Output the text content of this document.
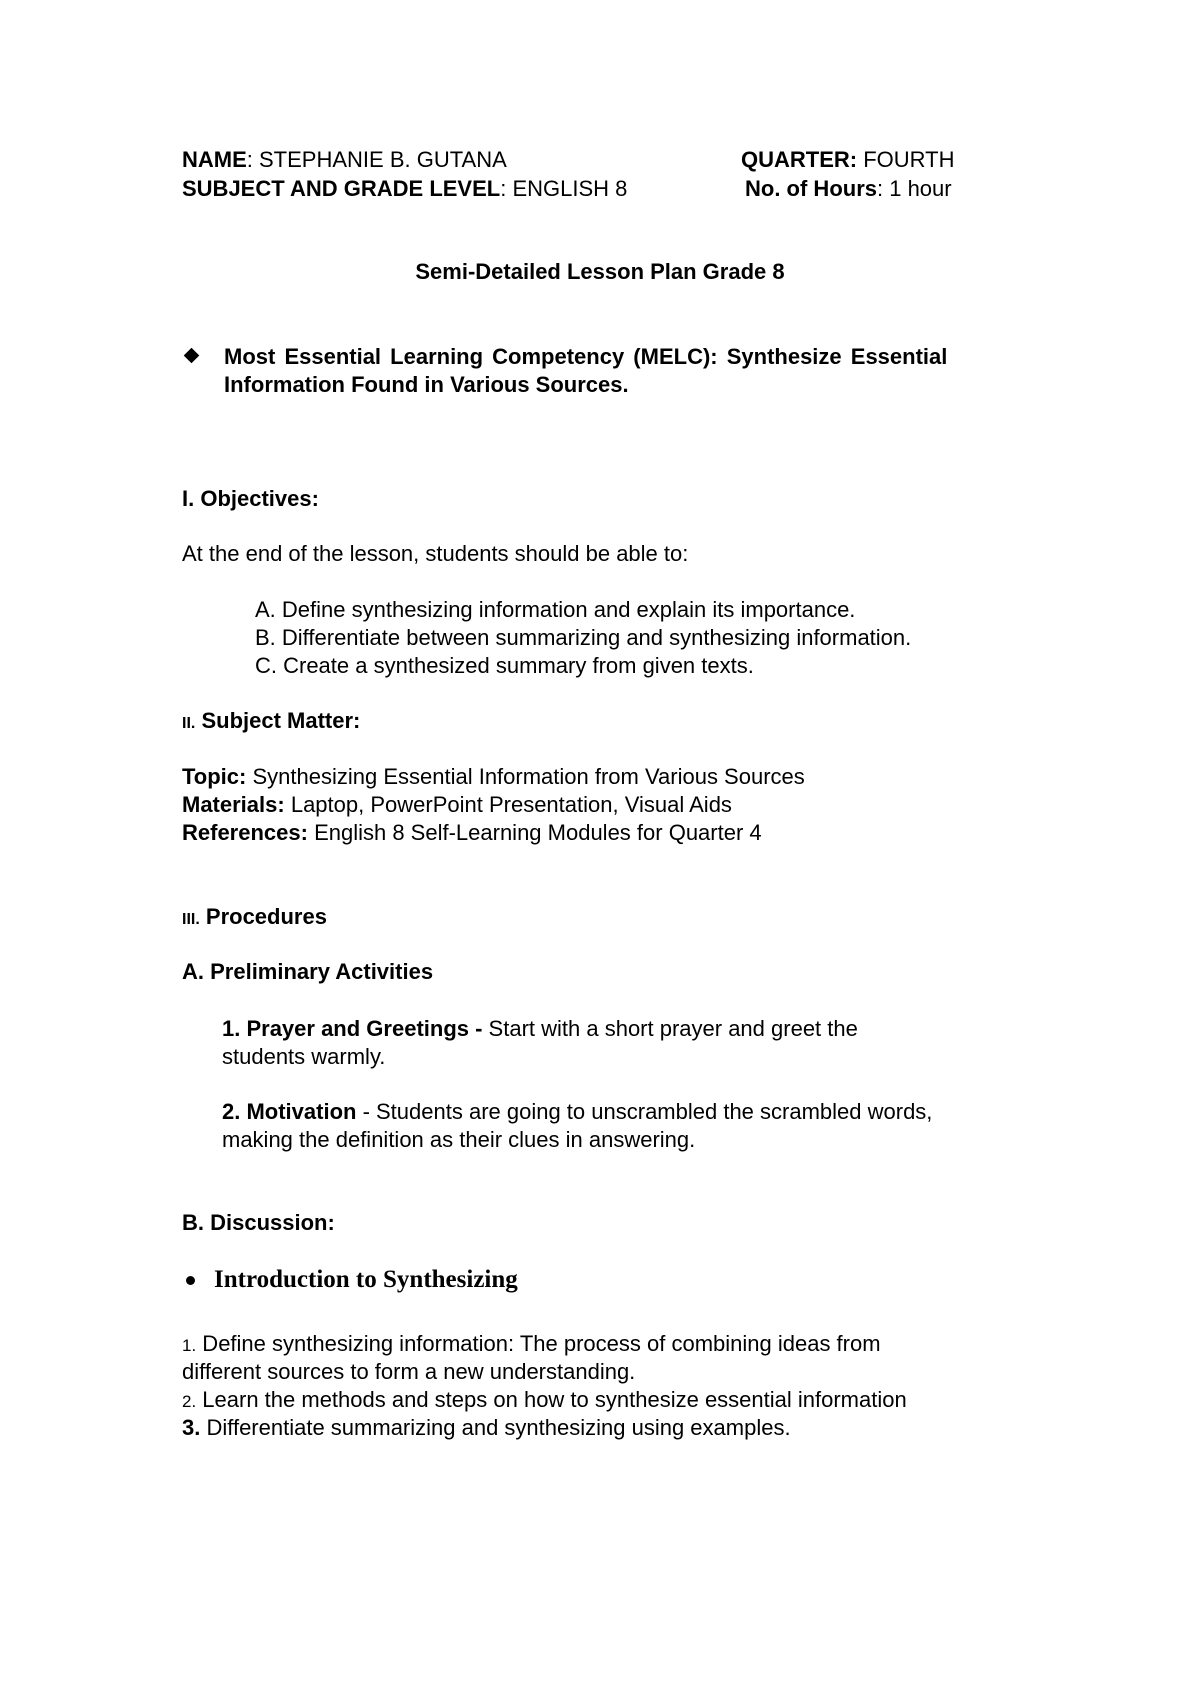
NAME: STEPHANIE B. GUTANA	QUARTER: FOURTH
SUBJECT AND GRADE LEVEL: ENGLISH 8	No. of Hours: 1 hour
Semi-Detailed Lesson Plan Grade 8
Most Essential Learning Competency (MELC): Synthesize Essential
Information Found in Various Sources.
I. Objectives:
At the end of the lesson, students should be able to:
A. Define synthesizing information and explain its importance.
B. Differentiate between summarizing and synthesizing information.
C. Create a synthesized summary from given texts.
II. Subject Matter:
Topic: Synthesizing Essential Information from Various Sources
Materials: Laptop, PowerPoint Presentation, Visual Aids
References: English 8 Self-Learning Modules for Quarter 4
III. Procedures
A. Preliminary Activities
1. Prayer and Greetings - Start with a short prayer and greet the
students warmly.
2. Motivation - Students are going to unscrambled the scrambled words,
making the definition as their clues in answering.
B. Discussion:
Introduction to Synthesizing
1. Define synthesizing information: The process of combining ideas from
different sources to form a new understanding.
2. Learn the methods and steps on how to synthesize essential information
3. Differentiate summarizing and synthesizing using examples.
